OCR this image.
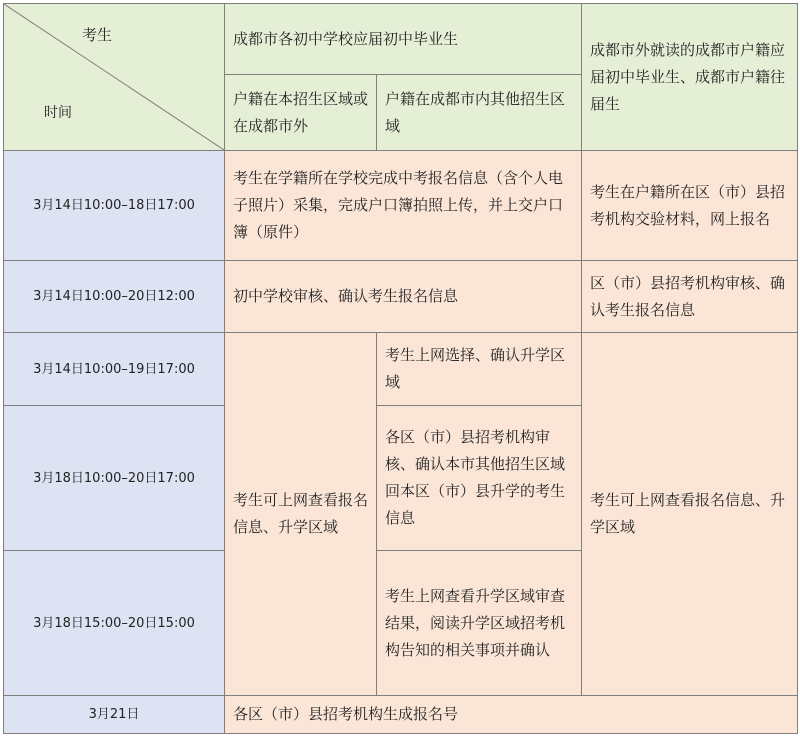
考生
时间	成都市各初中学校应届初中毕业生		成都市外就读的成都市户籍应届初中毕业生、成都市户籍往届生
	户籍在本招生区域或在成都市外	户籍在成都市内其他招生区域	
3月14日10:00–18日17:00	考生在学籍所在学校完成中考报名信息（含个人电子照片）采集，完成户口簿拍照上传，并上交户口簿（原件）		考生在户籍所在区（市）县招考机构交验材料，网上报名
3月14日10:00–20日12:00	初中学校审核、确认考生报名信息		区（市）县招考机构审核、确认考生报名信息
3月14日10:00–19日17:00	考生可上网查看报名信息、升学区域	考生上网选择、确认升学区域	考生可上网查看报名信息、升学区域
3月18日10:00–20日17:00		各区（市）县招考机构审核、确认本市其他招生区域回本区（市）县升学的考生信息	
3月18日15:00–20日15:00		考生上网查看升学区域审查结果，阅读升学区域招考机构告知的相关事项并确认	
3月21日	各区（市）县招考机构生成报名号		
